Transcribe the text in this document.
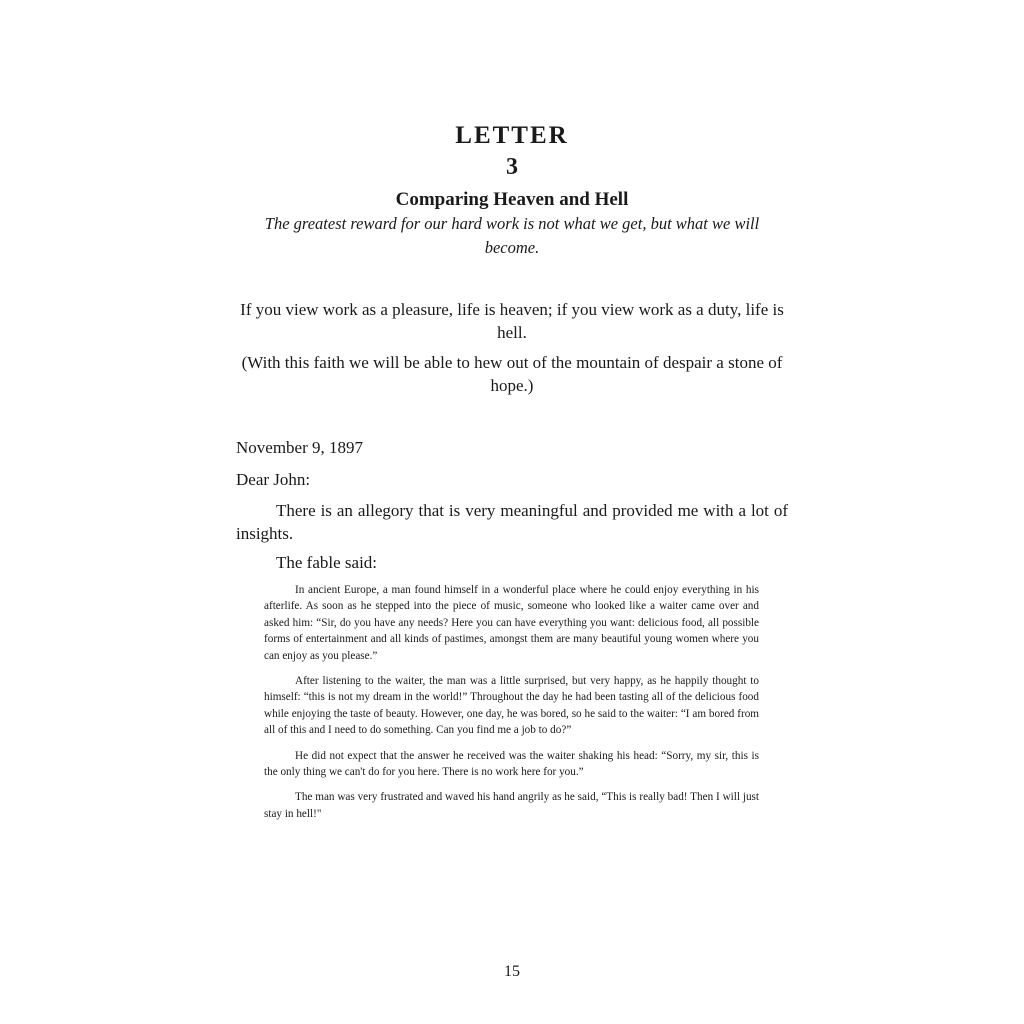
LETTER
3
Comparing Heaven and Hell
The greatest reward for our hard work is not what we get, but what we will become.
If you view work as a pleasure, life is heaven; if you view work as a duty, life is hell.
(With this faith we will be able to hew out of the mountain of despair a stone of hope.)
November 9, 1897
Dear John:
There is an allegory that is very meaningful and provided me with a lot of insights.
The fable said:

In ancient Europe, a man found himself in a wonderful place where he could enjoy everything in his afterlife. As soon as he stepped into the piece of music, someone who looked like a waiter came over and asked him: “Sir, do you have any needs? Here you can have everything you want: delicious food, all possible forms of entertainment and all kinds of pastimes, amongst them are many beautiful young women where you can enjoy as you please.”

After listening to the waiter, the man was a little surprised, but very happy, as he happily thought to himself: “this is not my dream in the world!” Throughout the day he had been tasting all of the delicious food while enjoying the taste of beauty. However, one day, he was bored, so he said to the waiter: “I am bored from all of this and I need to do something. Can you find me a job to do?”

He did not expect that the answer he received was the waiter shaking his head: “Sorry, my sir, this is the only thing we can't do for you here. There is no work here for you.”

The man was very frustrated and waved his hand angrily as he said, “This is really bad! Then I will just stay in hell!"

15
